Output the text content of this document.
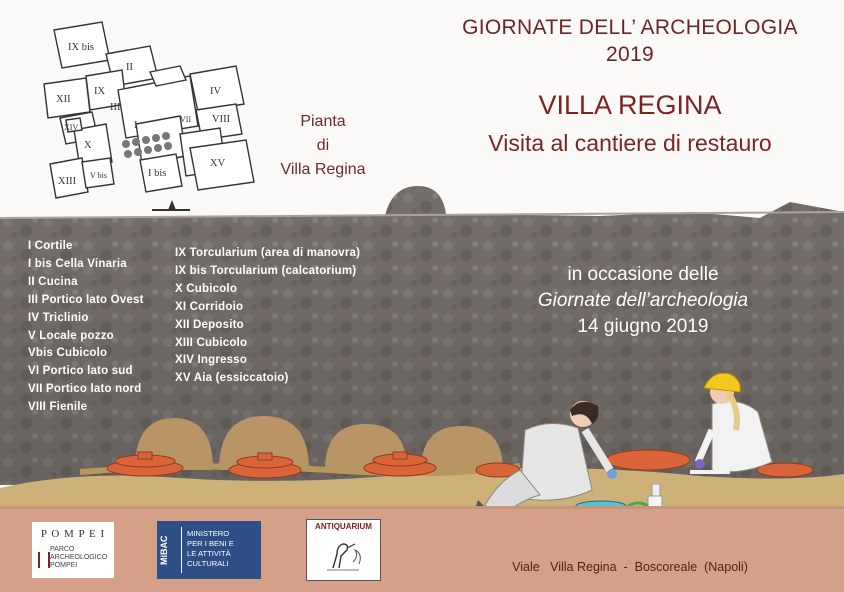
IX bis
II
IX
XII
III
IV
XIV	I
VII VIII
X
XIII
V bis	I bis
XV
Pianta
di
Villa Regina
GIORNATE DELL’ ARCHEOLOGIA
2019
VILLA REGINA
Visita al cantiere di restauro
I Cortile
I bis Cella Vinaria
II Cucina
III Portico lato Ovest
IV Triclinio
V Locale pozzo
Vbis Cubicolo
VI Portico lato sud
VII Portico lato nord
VIII Fienile
IX Torcularium (area di manovra)
IX bis Torcularium (calcatorium)
X Cubicolo
XI Corridoio
XII Deposito
XIII Cubicolo
XIV Ingresso
XV Aia (essiccatoio)
in occasione delle
Giornate dell’archeologia
14 giugno 2019
P O M P E I
PARCO
ARCHEOLOGICO
POMPEI
MiBAC
MINISTERO
PER I BENI E
LE ATTIVITÀ
CULTURALI
ANTIQUARIUM
Viale   Villa Regina  -  Boscoreale  (Napoli)
